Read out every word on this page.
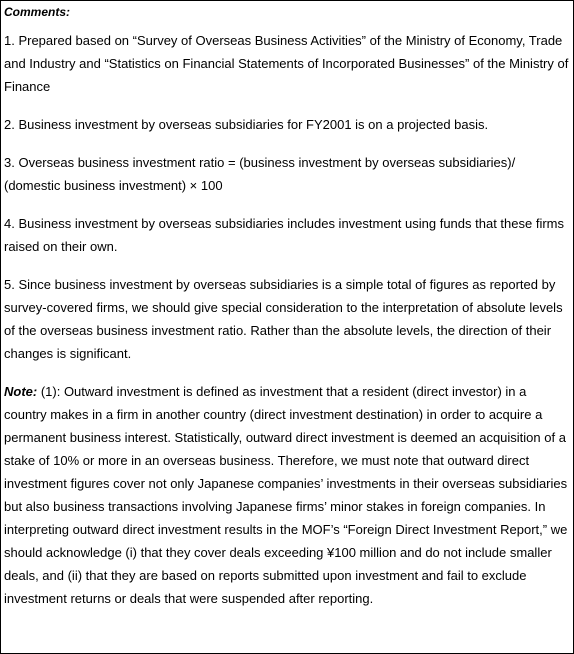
Comments:
1. Prepared based on “Survey of Overseas Business Activities” of the Ministry of Economy, Trade and Industry and “Statistics on Financial Statements of Incorporated Businesses” of the Ministry of Finance
2. Business investment by overseas subsidiaries for FY2001 is on a projected basis.
3. Overseas business investment ratio = (business investment by overseas subsidiaries)/ (domestic business investment) × 100
4. Business investment by overseas subsidiaries includes investment using funds that these firms raised on their own.
5. Since business investment by overseas subsidiaries is a simple total of figures as reported by survey-covered firms, we should give special consideration to the interpretation of absolute levels of the overseas business investment ratio. Rather than the absolute levels, the direction of their changes is significant.
Note: (1): Outward investment is defined as investment that a resident (direct investor) in a country makes in a firm in another country (direct investment destination) in order to acquire a permanent business interest. Statistically, outward direct investment is deemed an acquisition of a stake of 10% or more in an overseas business. Therefore, we must note that outward direct investment figures cover not only Japanese companies’ investments in their overseas subsidiaries but also business transactions involving Japanese firms’ minor stakes in foreign companies. In interpreting outward direct investment results in the MOF’s “Foreign Direct Investment Report,” we should acknowledge (i) that they cover deals exceeding ¥100 million and do not include smaller deals, and (ii) that they are based on reports submitted upon investment and fail to exclude investment returns or deals that were suspended after reporting.
